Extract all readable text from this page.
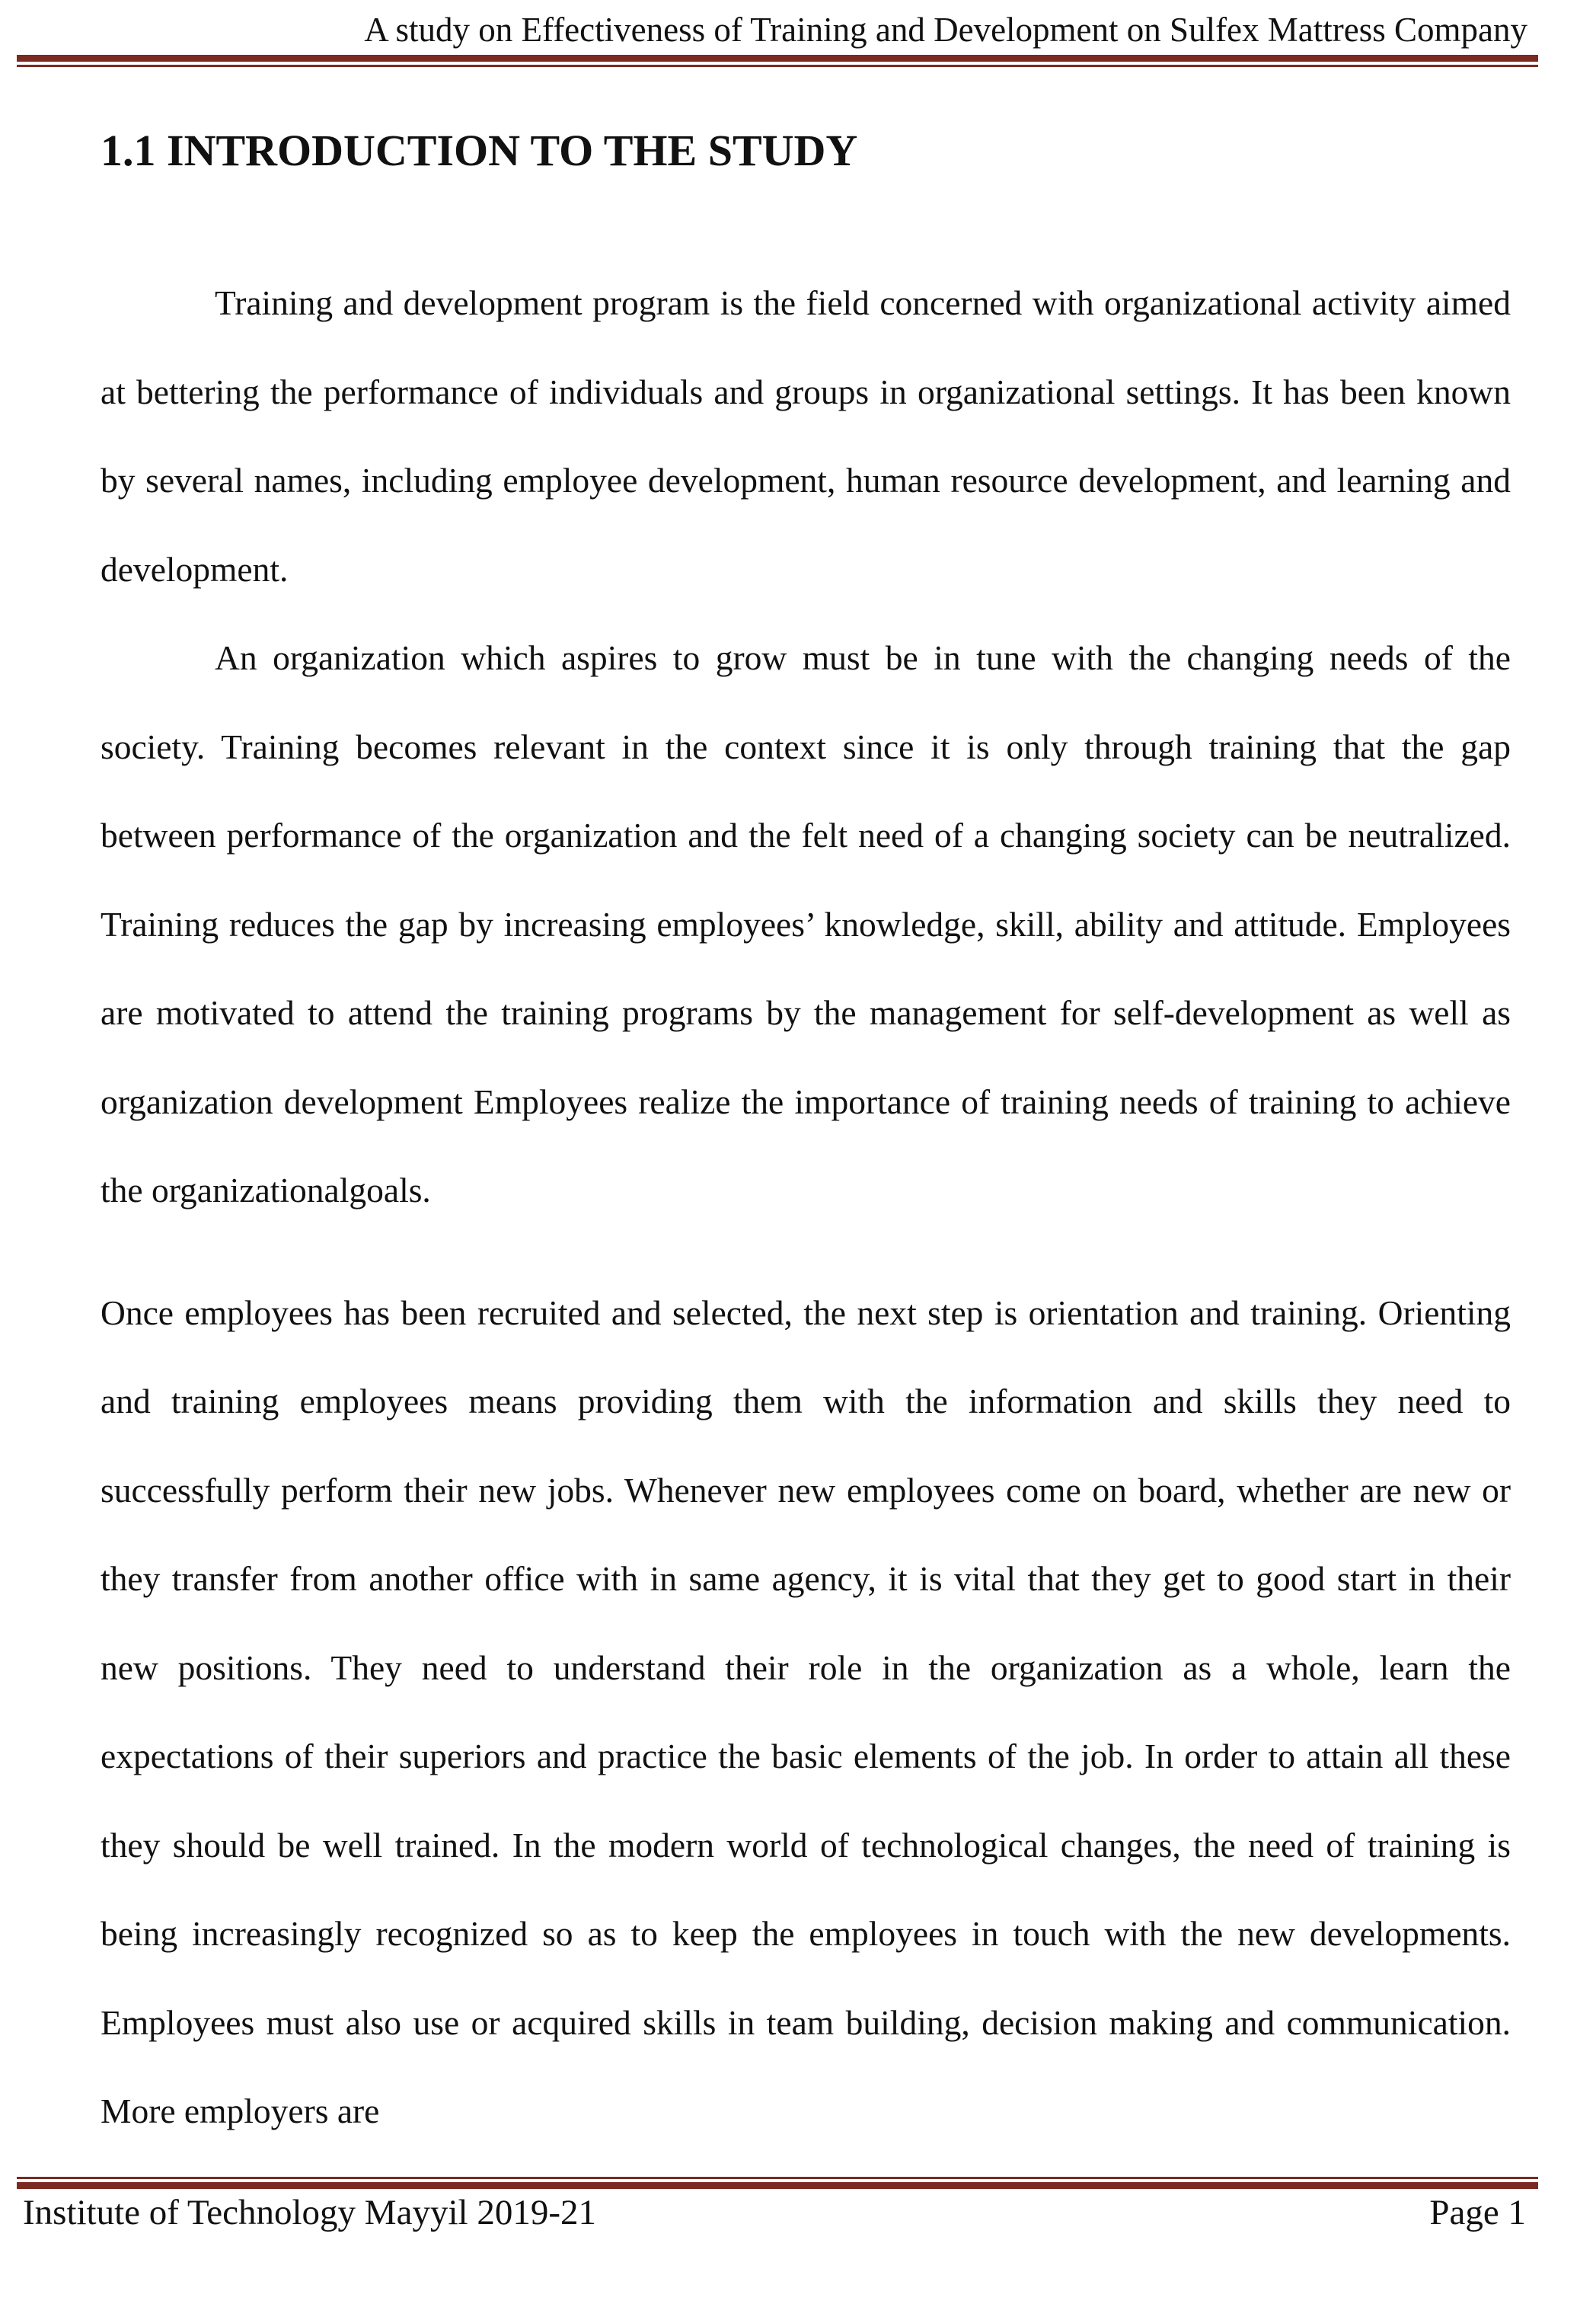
A study on Effectiveness of Training and Development on Sulfex Mattress Company
1.1 INTRODUCTION TO THE STUDY

Training and development program is the field concerned with organizational activity aimed at bettering the performance of individuals and groups in organizational settings. It has been known by several names, including employee development, human resource development, and learning and development.

An organization which aspires to grow must be in tune with the changing needs of the society. Training becomes relevant in the context since it is only through training that the gap between performance of the organization and the felt need of a changing society can be neutralized. Training reduces the gap by increasing employees’ knowledge, skill, ability and attitude. Employees are motivated to attend the training programs by the management for self-development as well as organization development Employees realize the importance of training needs of training to achieve the organizationalgoals.

Once employees has been recruited and selected, the next step is orientation and training. Orienting and training employees means providing them with the information and skills they need to successfully perform their new jobs. Whenever new employees come on board, whether are new or they transfer from another office with in same agency, it is vital that they get to good start in their new positions. They need to understand their role in the organization as a whole, learn the expectations of their superiors and practice the basic elements of the job. In order to attain all these they should be well trained. In the modern world of technological changes, the need of training is being increasingly recognized so as to keep the employees in touch with the new developments. Employees must also use or acquired skills in team building, decision making and communication. More employers are

Institute of Technology Mayyil 2019-21	Page 1
